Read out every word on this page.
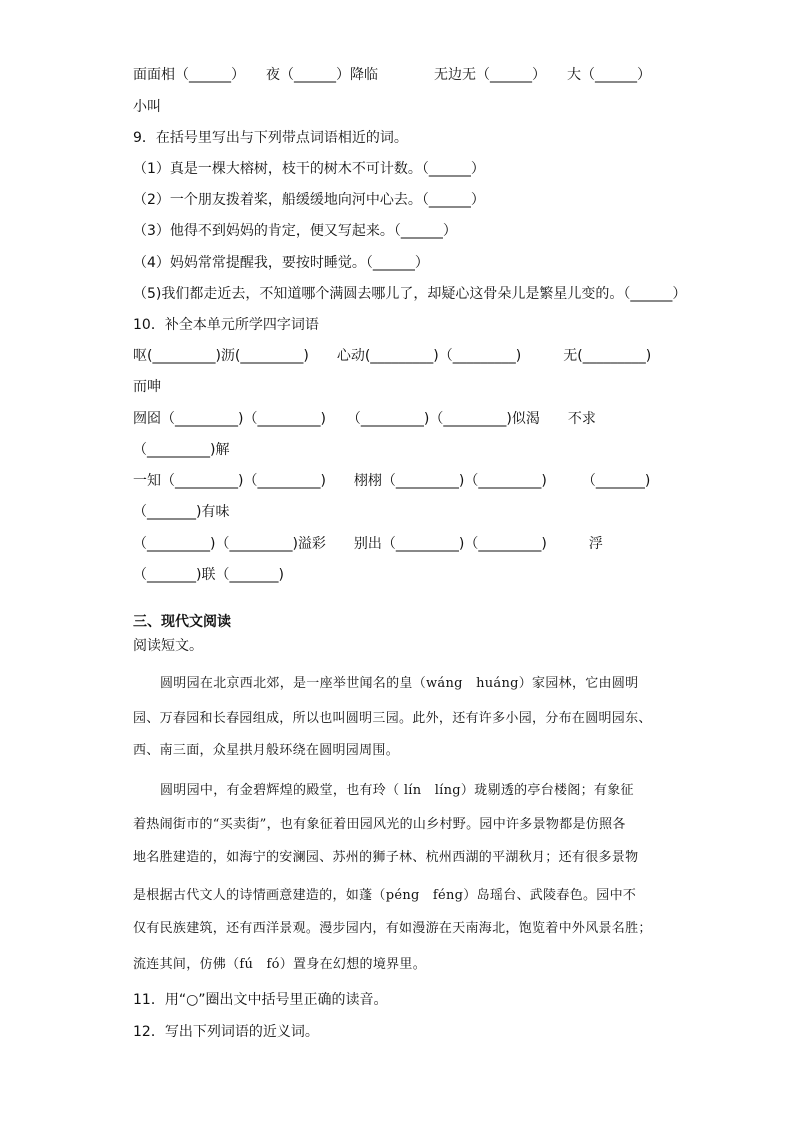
面面相（______）　　夜（______）降临　　　　无边无（______）　　大（______）
小叫
9．在括号里写出与下列带点词语相近的词。
（1）真是一棵大榕树，枝干的树木不可计数。（______）
（2）一个朋友拨着桨，船缓缓地向河中心去。（______）
（3）他得不到妈妈的肯定，便又写起来。（______）
（4）妈妈常常提醒我，要按时睡觉。（______）
（5)我们都走近去，不知道哪个满圆去哪儿了，却疑心这骨朵儿是繁星儿变的。（______）
10．补全本单元所学四字词语
呕(_________)沥(_________)　　心动(_________)（_________)　　　无(_________)
而呻
囫囵（_________)（_________)　　（_________)（_________)似渴　　不求
（_________)解
一知（_________)（_________)　　栩栩（_________)（_________)　　　（_______)
（_______)有味
（_________)（_________)溢彩　　别出（_________)（_________)　　　浮
（_______)联（_______)
三、现代文阅读
阅读短文。
圆明园在北京西北郊，是一座举世闻名的皇（wáng　huáng）家园林，它由圆明
园、万春园和长春园组成，所以也叫圆明三园。此外，还有许多小园，分布在圆明园东、
西、南三面，众星拱月般环绕在圆明园周围。
圆明园中，有金碧辉煌的殿堂，也有玲（ lín　líng）珑剔透的亭台楼阁；有象征
着热闹街市的“买卖街”，也有象征着田园风光的山乡村野。园中许多景物都是仿照各
地名胜建造的，如海宁的安澜园、苏州的狮子林、杭州西湖的平湖秋月；还有很多景物
是根据古代文人的诗情画意建造的，如蓬（péng　féng）岛瑶台、武陵春色。园中不
仅有民族建筑，还有西洋景观。漫步园内，有如漫游在天南海北，饱览着中外风景名胜；
流连其间，仿佛（fú　fó）置身在幻想的境界里。
11．用“○”圈出文中括号里正确的读音。
12．写出下列词语的近义词。
